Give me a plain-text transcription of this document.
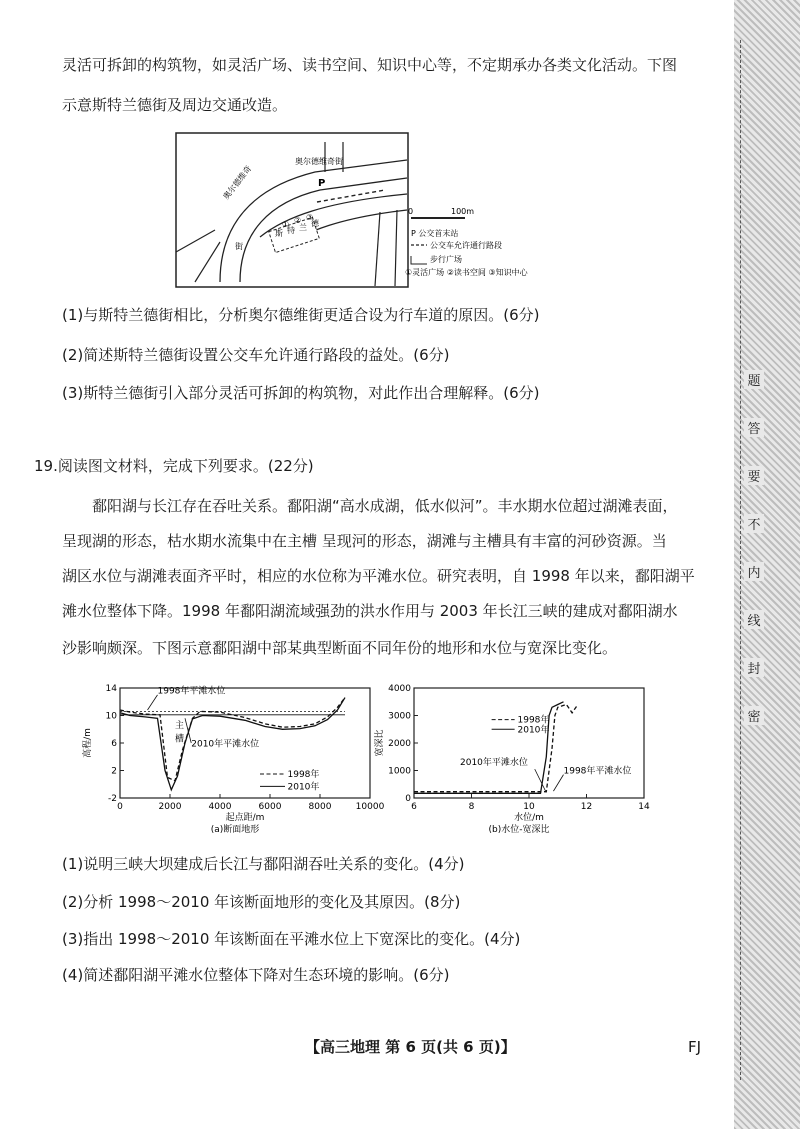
题
答
要
不
内
线
封
密
灵活可拆卸的构筑物，如灵活广场、读书空间、知识中心等，不定期承办各类文化活动。下图
示意斯特兰德街及周边交通改造。
奥尔德维奇
奥尔德维奇街
P
斯 特 兰 德
① ② ③
街
0	100m
P 公交首末站
公交车允许通行路段
步行广场
①灵活广场 ②读书空间 ③知识中心
(1)与斯特兰德街相比，分析奥尔德维街更适合设为行车道的原因。(6分)
(2)简述斯特兰德街设置公交车允许通行路段的益处。(6分)
(3)斯特兰德街引入部分灵活可拆卸的构筑物，对此作出合理解释。(6分)
19.阅读图文材料，完成下列要求。(22分)
鄱阳湖与长江存在吞吐关系。鄱阳湖“高水成湖，低水似河”。丰水期水位超过湖滩表面，
呈现湖的形态，枯水期水流集中在主槽 呈现河的形态，湖滩与主槽具有丰富的河砂资源。当
湖区水位与湖滩表面齐平时，相应的水位称为平滩水位。研究表明，自 1998 年以来，鄱阳湖平
滩水位整体下降。1998 年鄱阳湖流域强劲的洪水作用与 2003 年长江三峡的建成对鄱阳湖水
沙影响颇深。下图示意鄱阳湖中部某典型断面不同年份的地形和水位与宽深比变化。
0	2000	4000	6000	8000	10000
-2
2
6
10
14
起点距/m
高程/m
(a)断面地形
1998年平滩水位
2010年平滩水位
主
槽
1998年
2010年
6	8	10	12	14
0
1000
2000
3000
4000
水位/m
宽深比
(b)水位-宽深比
1998年
2010年
2010年平滩水位
1998年平滩水位
(1)说明三峡大坝建成后长江与鄱阳湖吞吐关系的变化。(4分)
(2)分析 1998～2010 年该断面地形的变化及其原因。(8分)
(3)指出 1998～2010 年该断面在平滩水位上下宽深比的变化。(4分)
(4)简述鄱阳湖平滩水位整体下降对生态环境的影响。(6分)
【高三地理 第 6 页(共 6 页)】	FJ
